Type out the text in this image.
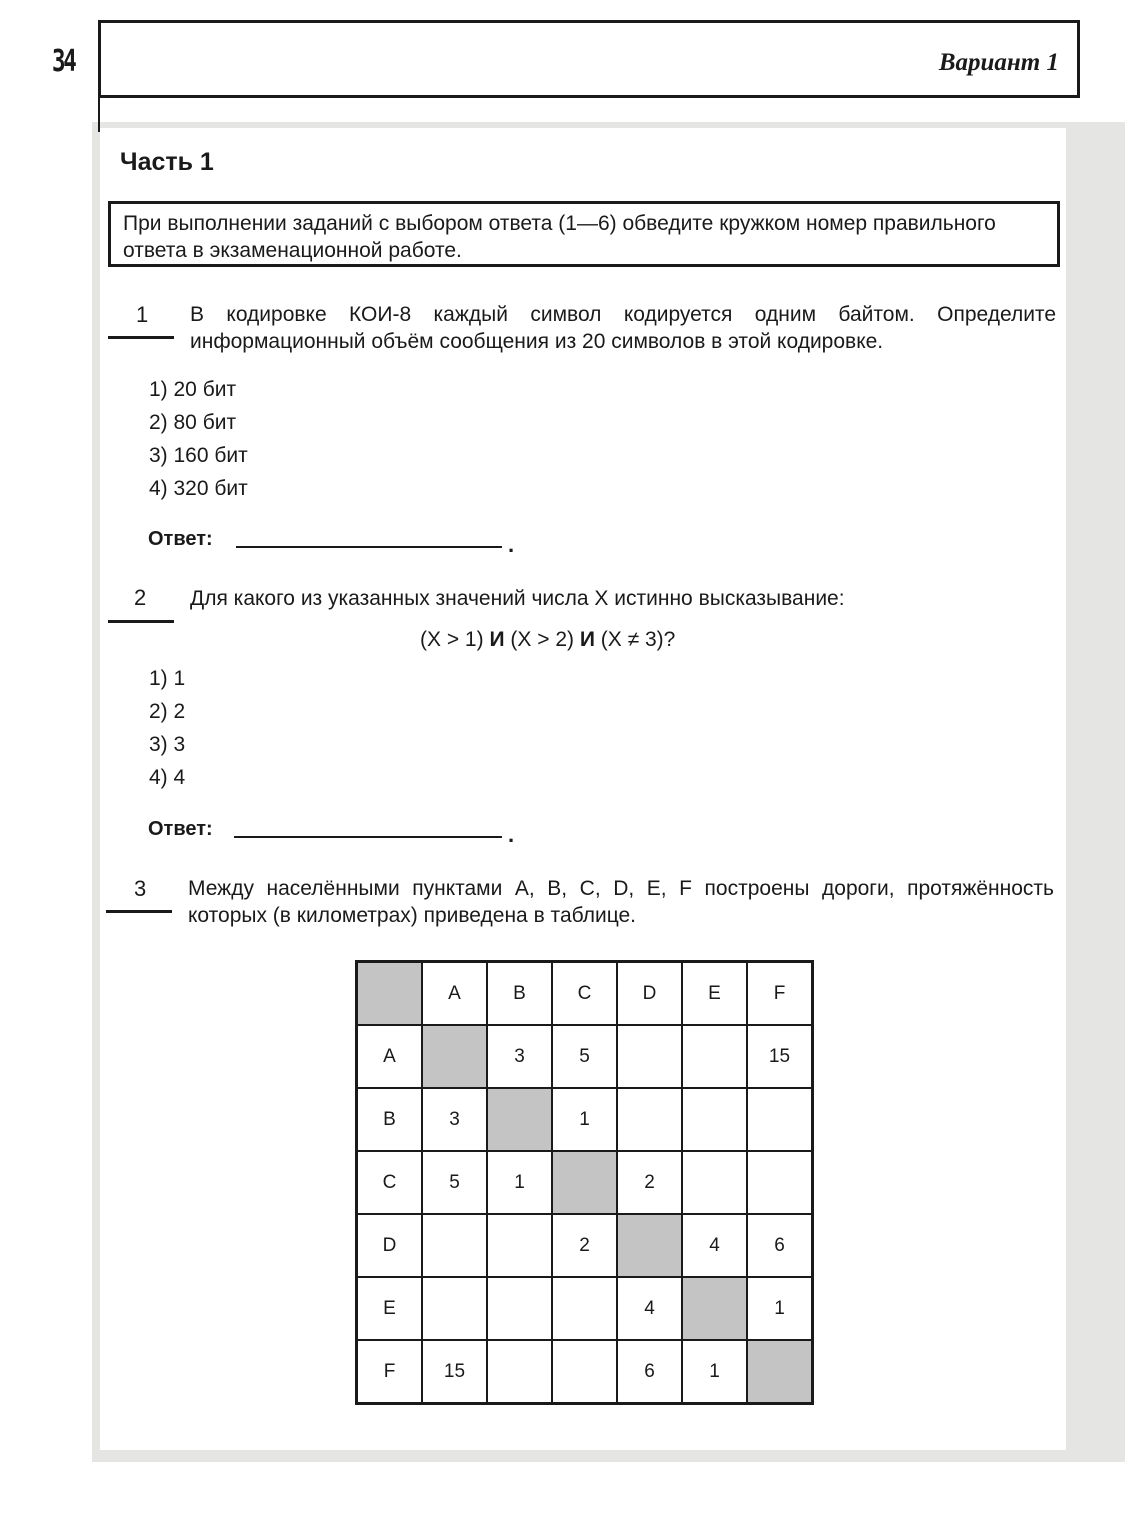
34	Вариант 1
Часть 1
При выполнении заданий с выбором ответа (1—6) обведите кружком номер правильного ответа в экзаменационной работе.
1 В кодировке КОИ-8 каждый символ кодируется одним байтом. Определите информационный объём сообщения из 20 символов в этой кодировке.
1) 20 бит
2) 80 бит
3) 160 бит
4) 320 бит
Ответ:	.
2 Для какого из указанных значений числа X истинно высказывание:
(X > 1) И (X > 2) И (X ≠ 3)?
1) 1
2) 2
3) 3
4) 4
Ответ:	.
3 Между населёнными пунктами A, B, C, D, E, F построены дороги, протяжённость которых (в километрах) приведена в таблице.
	A	B	C	D	E	F
A		3	5			15
B	3		1			
C	5	1		2		
D			2		4	6
E				4		1
F	15			6	1	
